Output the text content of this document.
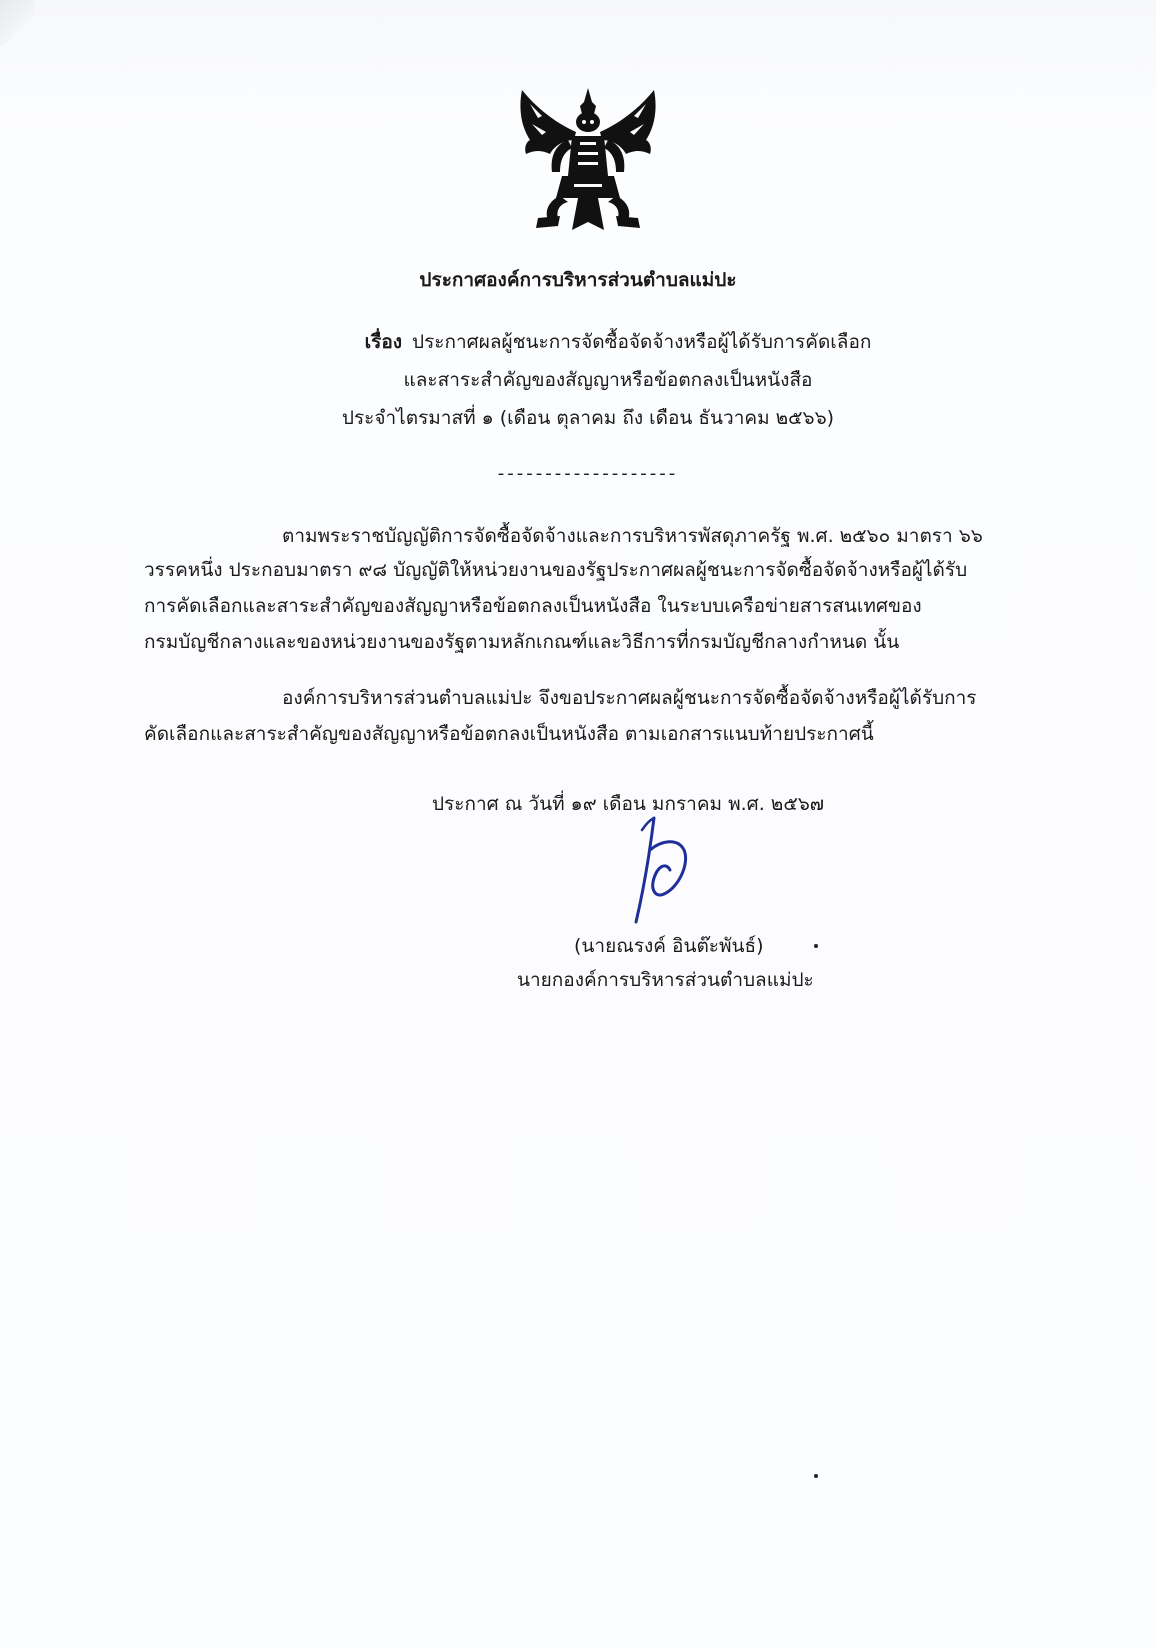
ประกาศองค์การบริหารส่วนตำบลแม่ปะ
เรื่อง ประกาศผลผู้ชนะการจัดซื้อจัดจ้างหรือผู้ได้รับการคัดเลือก
และสาระสำคัญของสัญญาหรือข้อตกลงเป็นหนังสือ
ประจำไตรมาสที่ ๑ (เดือน ตุลาคม ถึง เดือน ธันวาคม ๒๕๖๖)
-------------------
ตามพระราชบัญญัติการจัดซื้อจัดจ้างและการบริหารพัสดุภาครัฐ พ.ศ. ๒๕๖๐ มาตรา ๖๖
วรรคหนึ่ง ประกอบมาตรา ๙๘ บัญญัติให้หน่วยงานของรัฐประกาศผลผู้ชนะการจัดซื้อจัดจ้างหรือผู้ได้รับ
การคัดเลือกและสาระสำคัญของสัญญาหรือข้อตกลงเป็นหนังสือ ในระบบเครือข่ายสารสนเทศของ
กรมบัญชีกลางและของหน่วยงานของรัฐตามหลักเกณฑ์และวิธีการที่กรมบัญชีกลางกำหนด นั้น
องค์การบริหารส่วนตำบลแม่ปะ จึงขอประกาศผลผู้ชนะการจัดซื้อจัดจ้างหรือผู้ได้รับการ
คัดเลือกและสาระสำคัญของสัญญาหรือข้อตกลงเป็นหนังสือ ตามเอกสารแนบท้ายประกาศนี้
ประกาศ ณ วันที่ ๑๙ เดือน มกราคม พ.ศ. ๒๕๖๗
(นายณรงค์ อินต๊ะพันธ์)
นายกองค์การบริหารส่วนตำบลแม่ปะ
